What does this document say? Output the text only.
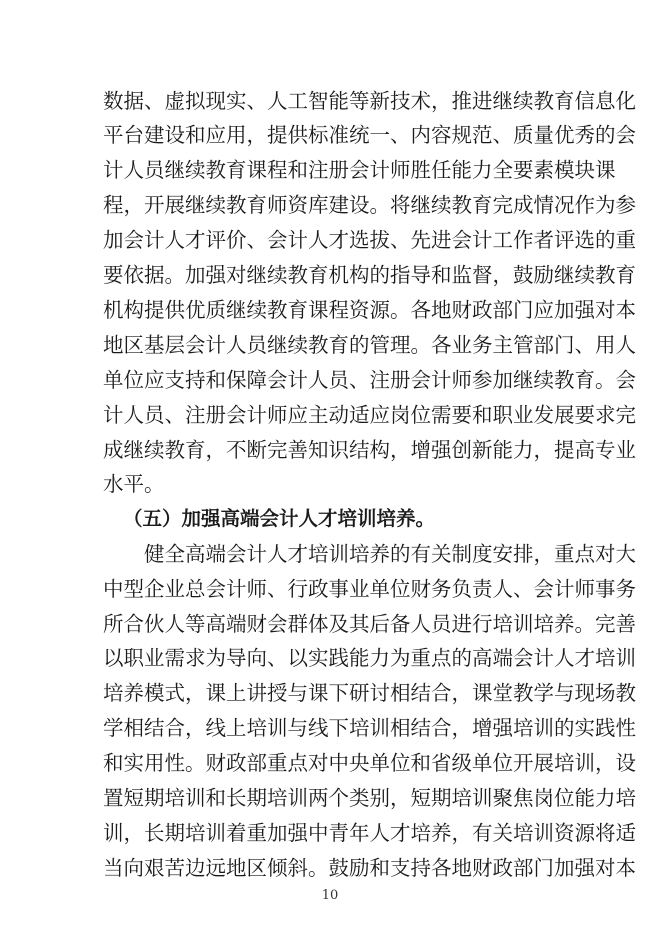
数据、虚拟现实、人工智能等新技术，推进继续教育信息化
平台建设和应用，提供标准统一、内容规范、质量优秀的会
计人员继续教育课程和注册会计师胜任能力全要素模块课
程，开展继续教育师资库建设。将继续教育完成情况作为参
加会计人才评价、会计人才选拔、先进会计工作者评选的重
要依据。加强对继续教育机构的指导和监督，鼓励继续教育
机构提供优质继续教育课程资源。各地财政部门应加强对本
地区基层会计人员继续教育的管理。各业务主管部门、用人
单位应支持和保障会计人员、注册会计师参加继续教育。会
计人员、注册会计师应主动适应岗位需要和职业发展要求完
成继续教育，不断完善知识结构，增强创新能力，提高专业
水平。
（五）加强高端会计人才培训培养。
　　健全高端会计人才培训培养的有关制度安排，重点对大
中型企业总会计师、行政事业单位财务负责人、会计师事务
所合伙人等高端财会群体及其后备人员进行培训培养。完善
以职业需求为导向、以实践能力为重点的高端会计人才培训
培养模式，课上讲授与课下研讨相结合，课堂教学与现场教
学相结合，线上培训与线下培训相结合，增强培训的实践性
和实用性。财政部重点对中央单位和省级单位开展培训，设
置短期培训和长期培训两个类别，短期培训聚焦岗位能力培
训，长期培训着重加强中青年人才培养，有关培训资源将适
当向艰苦边远地区倾斜。鼓励和支持各地财政部门加强对本
10
